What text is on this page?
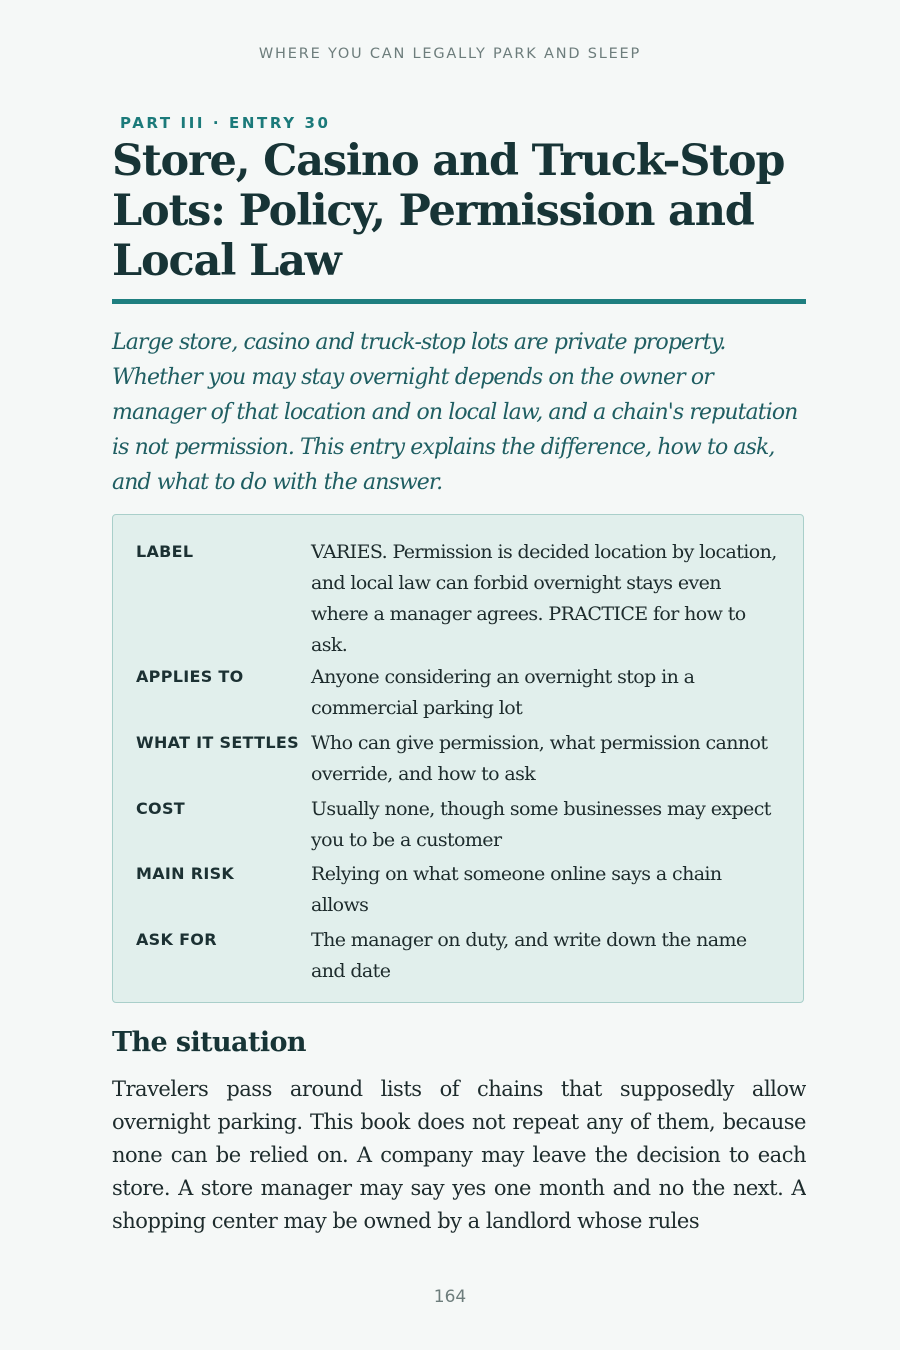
WHERE YOU CAN LEGALLY PARK AND SLEEP
PART III · ENTRY 30
Store, Casino and Truck-Stop Lots: Policy, Permission and Local Law

Large store, casino and truck-stop lots are private property. Whether you may stay overnight depends on the owner or manager of that location and on local law, and a chain's reputation is not permission. This entry explains the difference, how to ask, and what to do with the answer.

LABEL	VARIES. Permission is decided location by location, and local law can forbid overnight stays even where a manager agrees. PRACTICE for how to ask.
APPLIES TO	Anyone considering an overnight stop in a commercial parking lot
WHAT IT SETTLES Who can give permission, what permission cannot override, and how to ask
COST	Usually none, though some businesses may expect you to be a customer
MAIN RISK	Relying on what someone online says a chain allows
ASK FOR	The manager on duty, and write down the name and date
The situation

Travelers pass around lists of chains that supposedly allow overnight parking. This book does not repeat any of them, because none can be relied on. A company may leave the decision to each store. A store manager may say yes one month and no the next. A shopping center may be owned by a landlord whose rules

164
